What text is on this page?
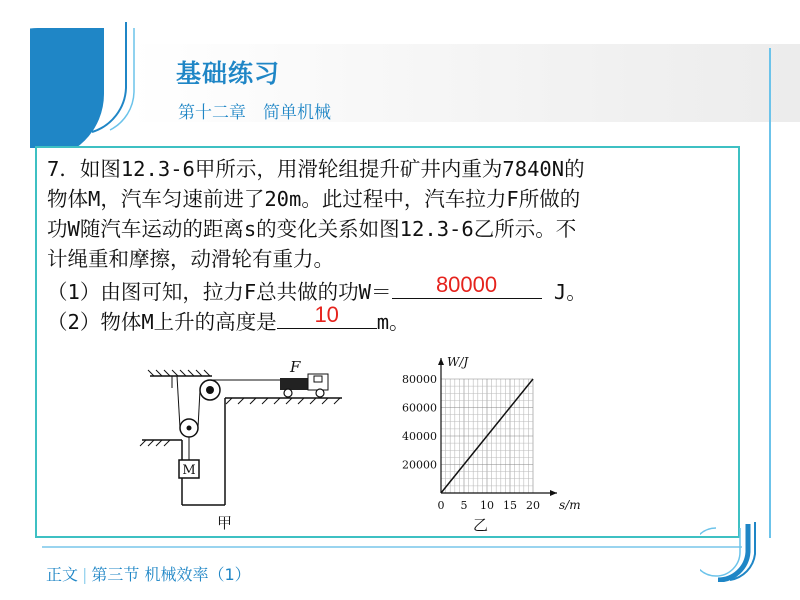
基础练习
第十二章　简单机械
7．如图12.3-6甲所示，用滑轮组提升矿井内重为7840N的
物体M，汽车匀速前进了20m。此过程中，汽车拉力F所做的
功W随汽车运动的距离s的变化关系如图12.3-6乙所示。不
计绳重和摩擦，动滑轮有重力。
（1）由图可知，拉力F总共做的功W＝	80000	J。
（2）物体M上升的高度是	10	m。
M
F
甲
0 5 10 15 20
20000
40000
60000
80000
s/m
W/J
乙
正文 | 第三节 机械效率（1）
